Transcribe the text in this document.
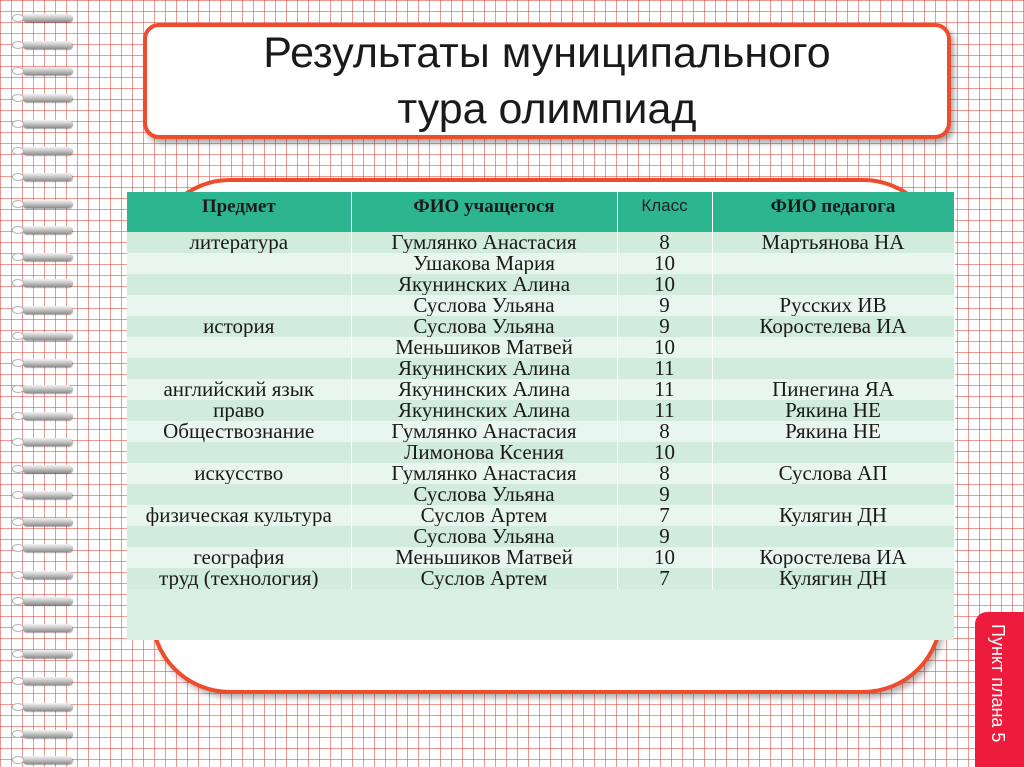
Результаты муниципального
тура олимпиад
Предмет	ФИО учащегося	Класс	ФИО педагога
литература	Гумлянко Анастасия	8	Мартьянова НА
	Ушакова Мария	10	
	Якунинских Алина	10	
	Суслова Ульяна	9	Русских ИВ
история	Суслова Ульяна	9	Коростелева ИА
	Меньшиков Матвей	10	
	Якунинских Алина	11	
английский язык	Якунинских Алина	11	Пинегина ЯА
право	Якунинских Алина	11	Рякина НЕ
Обществознание	Гумлянко Анастасия	8	Рякина НЕ
	Лимонова Ксения	10	
искусство	Гумлянко Анастасия	8	Суслова АП
	Суслова Ульяна	9	
физическая культура	Суслов Артем	7	Кулягин ДН
	Суслова Ульяна	9	
география	Меньшиков Матвей	10	Коростелева ИА
труд (технология)	Суслов Артем	7	Кулягин ДН
Пункт плана 5
